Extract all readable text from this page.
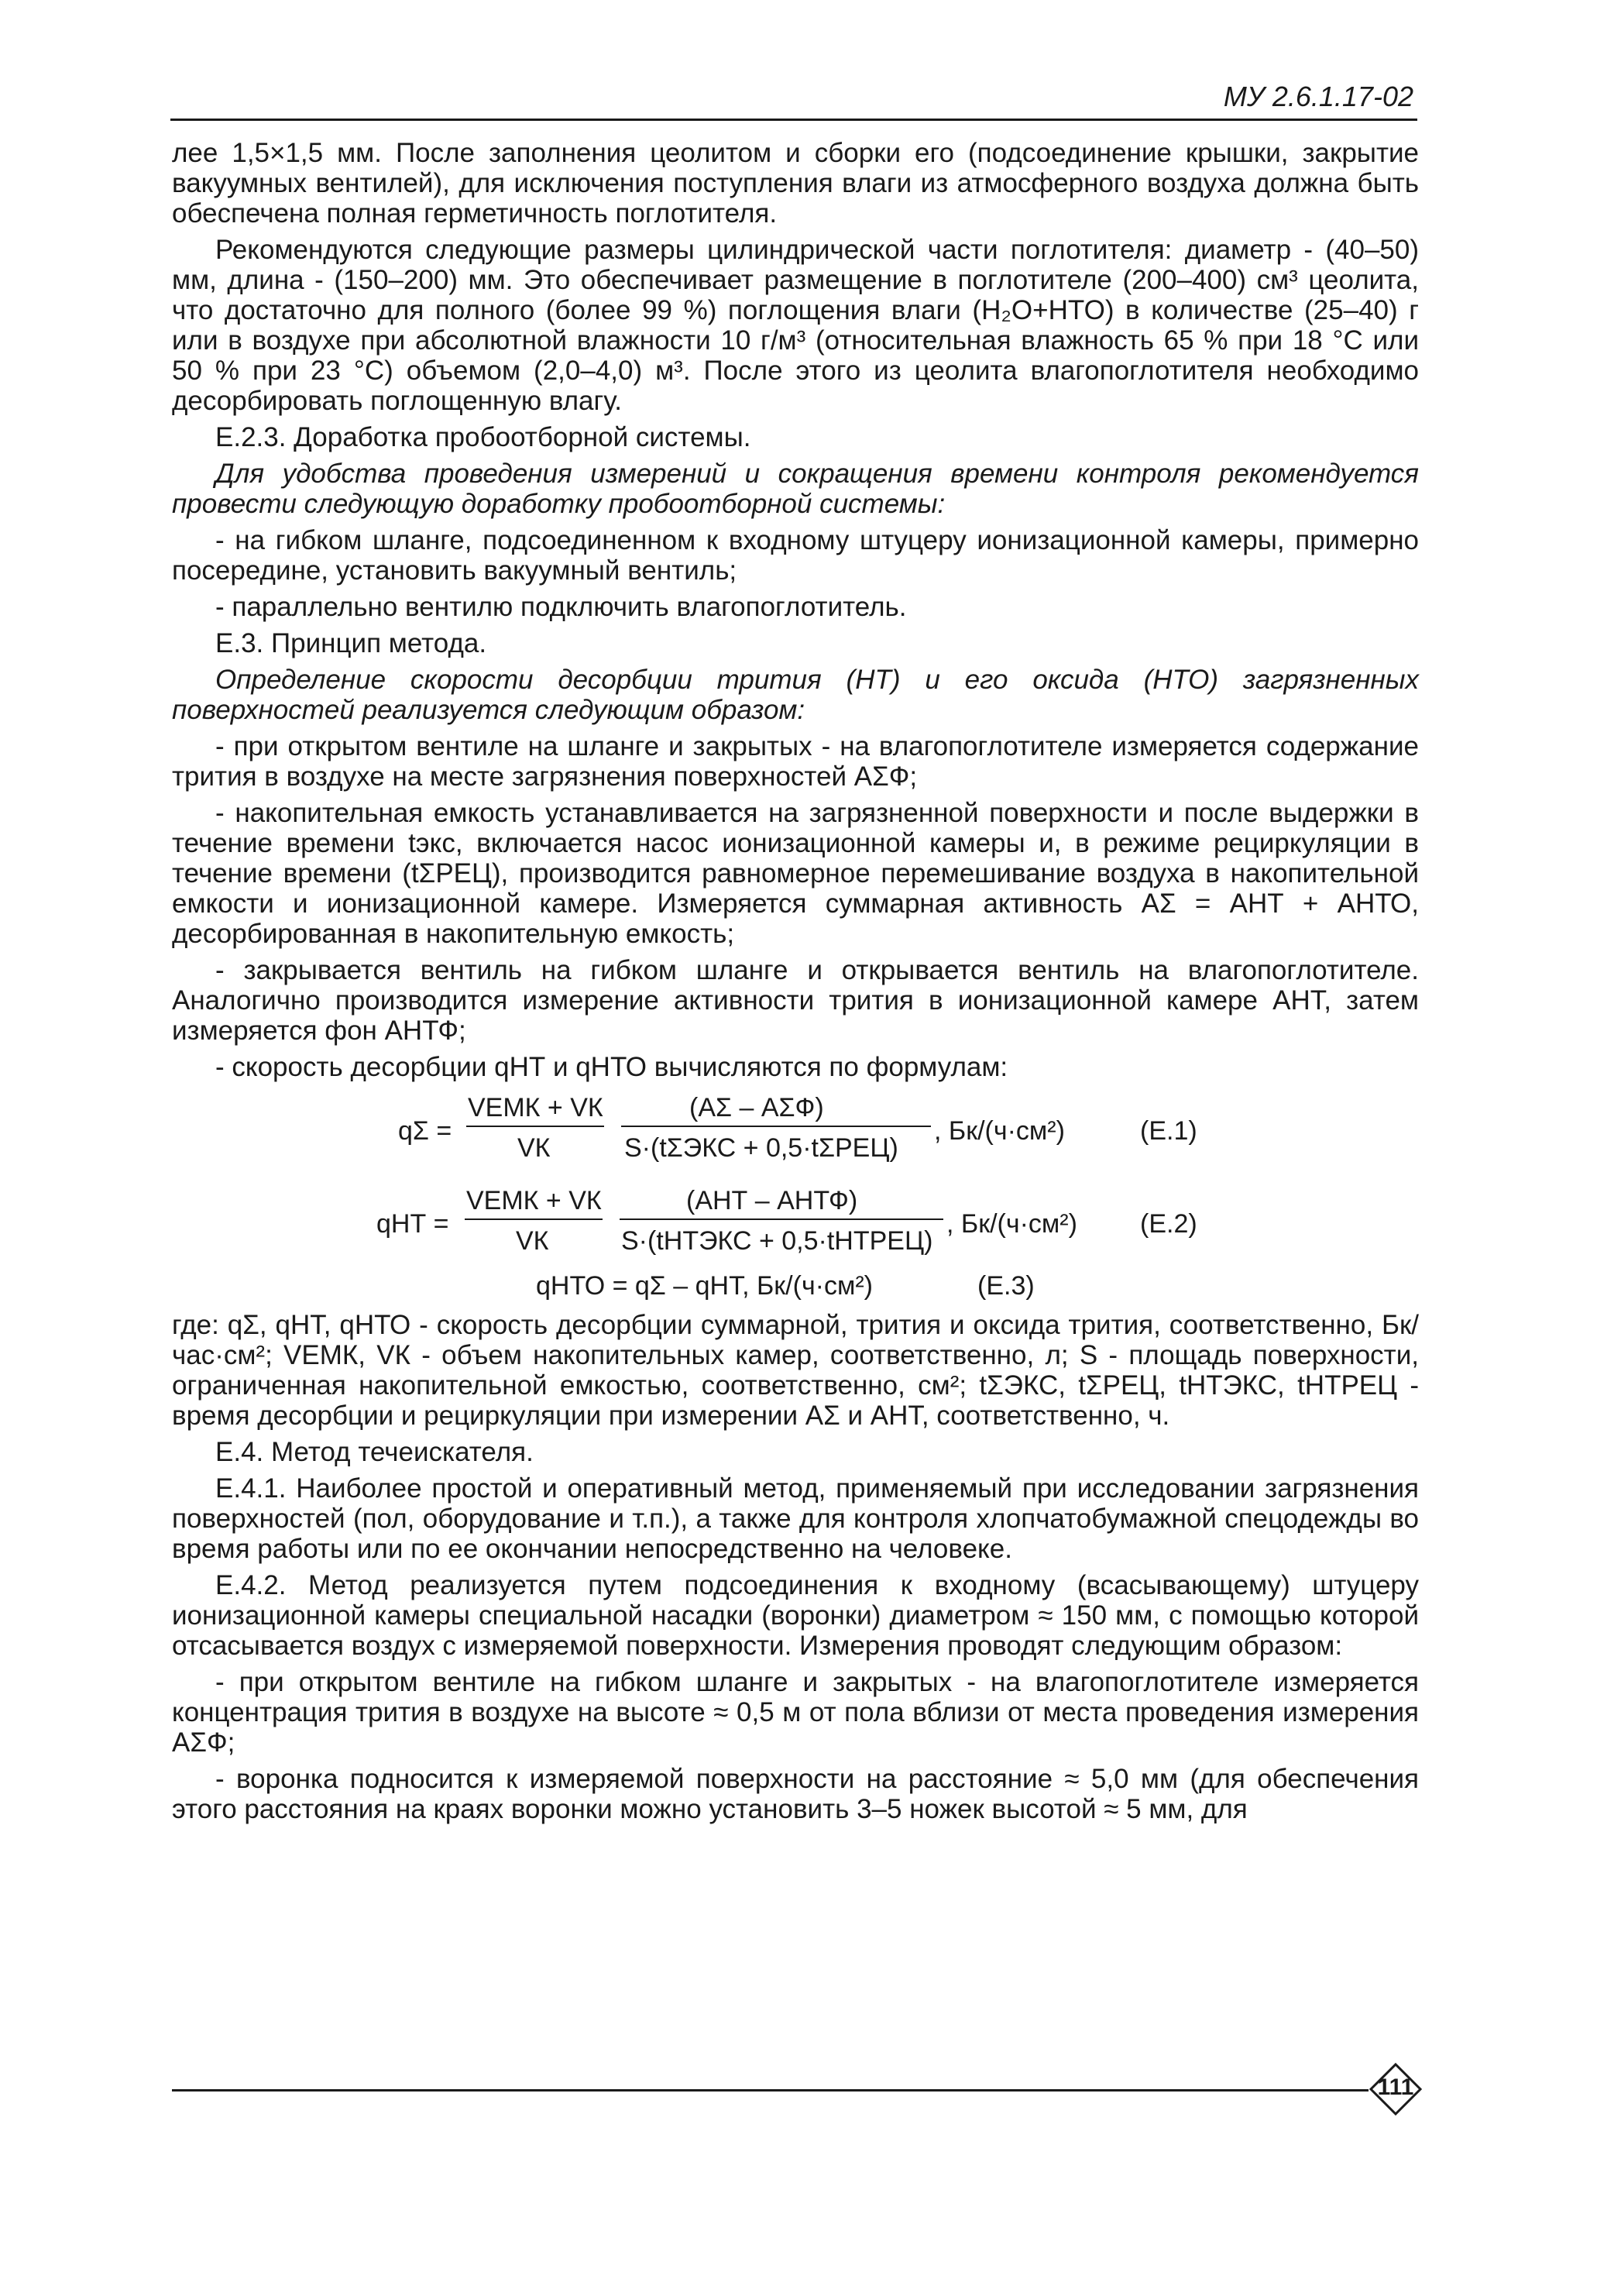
МУ 2.6.1.17-02

лее 1,5×1,5 мм. После заполнения цеолитом и сборки его (подсоединение крышки, закрытие вакуумных вентилей), для исключения поступления влаги из атмосферного воздуха должна быть обеспечена полная герметичность поглотителя.

Рекомендуются следующие размеры цилиндрической части поглотителя: диаметр - (40–50) мм, длина - (150–200) мм. Это обеспечивает размещение в поглотителе (200–400) см³ цеолита, что достаточно для полного (более 99 %) поглощения влаги (H₂O+HTO) в количестве (25–40) г или в воздухе при абсолютной влажности 10 г/м³ (относительная влажность 65 % при 18 °С или 50 % при 23 °С) объемом (2,0–4,0) м³. После этого из цеолита влагопоглотителя необходимо десорбировать поглощенную влагу.

Е.2.3. Доработка пробоотборной системы.

Для удобства проведения измерений и сокращения времени контроля рекомендуется провести следующую доработку пробоотборной системы:

- на гибком шланге, подсоединенном к входному штуцеру ионизационной камеры, примерно посередине, установить вакуумный вентиль;

- параллельно вентилю подключить влагопоглотитель.

Е.3. Принцип метода.

Определение скорости десорбции трития (НТ) и его оксида (НТО) загрязненных поверхностей реализуется следующим образом:

- при открытом вентиле на шланге и закрытых - на влагопоглотителе измеряется содержание трития в воздухе на месте загрязнения поверхностей AΣФ;

- накопительная емкость устанавливается на загрязненной поверхности и после выдержки в течение времени tэкс, включается насос ионизационной камеры и, в режиме рециркуляции в течение времени (tΣРЕЦ), производится равномерное перемешивание воздуха в накопительной емкости и ионизационной камере. Измеряется суммарная активность AΣ = AНТ + AНТО, десорбированная в накопительную емкость;

- закрывается вентиль на гибком шланге и открывается вентиль на влагопоглотителе. Аналогично производится измерение активности трития в ионизационной камере AНТ, затем измеряется фон AНТФ;

- скорость десорбции qНТ и qНТО вычисляются по формулам:

qΣ =
VЕМК + VК
VК
(AΣ – AΣФ)
S·(tΣЭКС + 0,5·tΣРЕЦ)
, Бк/(ч·см²)	(Е.1)
qНТ =
VЕМК + VК
VК
(AНТ – AНТФ)
S·(tНТЭКС + 0,5·tНТРЕЦ)
, Бк/(ч·см²) (Е.2)
qНТО = qΣ – qНТ, Бк/(ч·см²)	(Е.3)

где: qΣ, qНТ, qНТО - скорость десорбции суммарной, трития и оксида трития, соответственно, Бк/час·см²; VЕМК, VК - объем накопительных камер, соответственно, л; S - площадь поверхности, ограниченная накопительной емкостью, соответственно, см²; tΣЭКС, tΣРЕЦ, tНТЭКС, tНТРЕЦ - время десорбции и рециркуляции при измерении AΣ и AНТ, соответственно, ч.

Е.4. Метод течеискателя.

Е.4.1. Наиболее простой и оперативный метод, применяемый при исследовании загрязнения поверхностей (пол, оборудование и т.п.), а также для контроля хлопчатобумажной спецодежды во время работы или по ее окончании непосредственно на человеке.

Е.4.2. Метод реализуется путем подсоединения к входному (всасывающему) штуцеру ионизационной камеры специальной насадки (воронки) диаметром ≈ 150 мм, с помощью которой отсасывается воздух с измеряемой поверхности. Измерения проводят следующим образом:

- при открытом вентиле на гибком шланге и закрытых - на влагопоглотителе измеряется концентрация трития в воздухе на высоте ≈ 0,5 м от пола вблизи от места проведения измерения AΣФ;

- воронка подносится к измеряемой поверхности на расстояние ≈ 5,0 мм (для обеспечения этого расстояния на краях воронки можно установить 3–5 ножек высотой ≈ 5 мм, для

111
